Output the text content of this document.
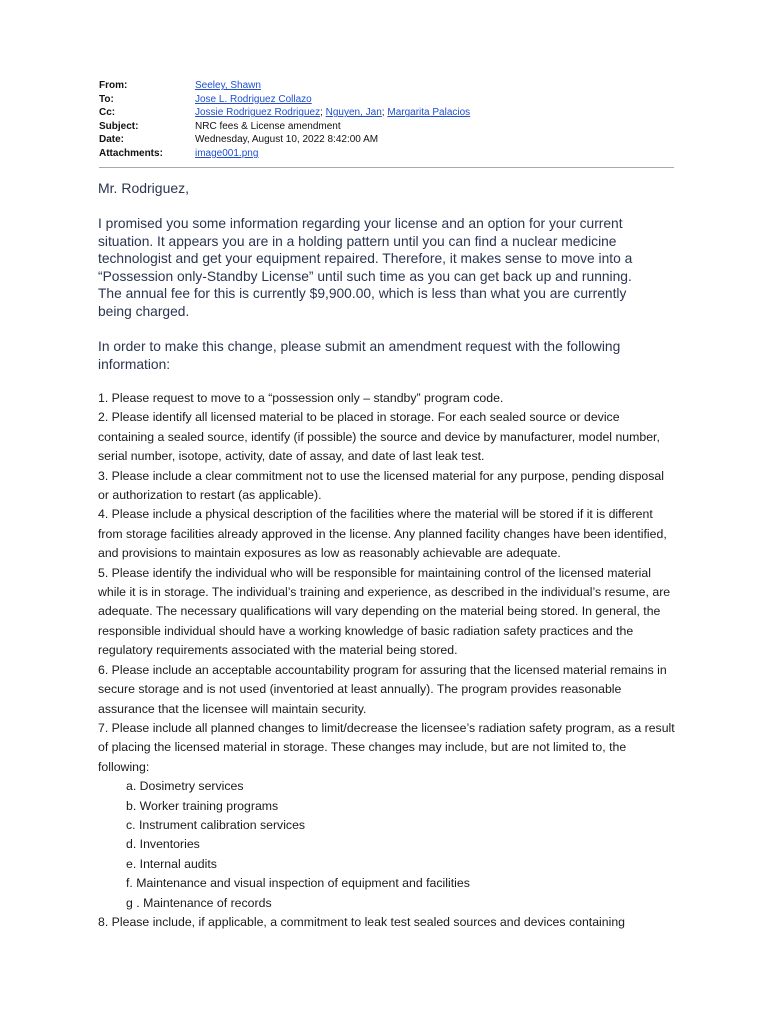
From:	Seeley, Shawn
To:	Jose L. Rodriguez Collazo
Cc:	Jossie Rodriguez Rodriguez; Nguyen, Jan; Margarita Palacios
Subject:	NRC fees & License amendment
Date:	Wednesday, August 10, 2022 8:42:00 AM
Attachments:	image001.png
Mr. Rodriguez,
I promised you some information regarding your license and an option for your current situation. It appears you are in a holding pattern until you can find a nuclear medicine technologist and get your equipment repaired. Therefore, it makes sense to move into a “Possession only-Standby License” until such time as you can get back up and running. The annual fee for this is currently $9,900.00, which is less than what you are currently being charged.
In order to make this change, please submit an amendment request with the following information:

1. Please request to move to a “possession only – standby” program code.

2. Please identify all licensed material to be placed in storage. For each sealed source or device containing a sealed source, identify (if possible) the source and device by manufacturer, model number, serial number, isotope, activity, date of assay, and date of last leak test.

3. Please include a clear commitment not to use the licensed material for any purpose, pending disposal or authorization to restart (as applicable).

4. Please include a physical description of the facilities where the material will be stored if it is different from storage facilities already approved in the license. Any planned facility changes have been identified, and provisions to maintain exposures as low as reasonably achievable are adequate.

5. Please identify the individual who will be responsible for maintaining control of the licensed material while it is in storage. The individual’s training and experience, as described in the individual’s resume, are adequate. The necessary qualifications will vary depending on the material being stored. In general, the responsible individual should have a working knowledge of basic radiation safety practices and the regulatory requirements associated with the material being stored.

6. Please include an acceptable accountability program for assuring that the licensed material remains in secure storage and is not used (inventoried at least annually). The program provides reasonable assurance that the licensee will maintain security.

7. Please include all planned changes to limit/decrease the licensee’s radiation safety program, as a result of placing the licensed material in storage. These changes may include, but are not limited to, the following:

a. Dosimetry services

b. Worker training programs

c. Instrument calibration services

d. Inventories

e. Internal audits

f. Maintenance and visual inspection of equipment and facilities

g . Maintenance of records

8. Please include, if applicable, a commitment to leak test sealed sources and devices containing
